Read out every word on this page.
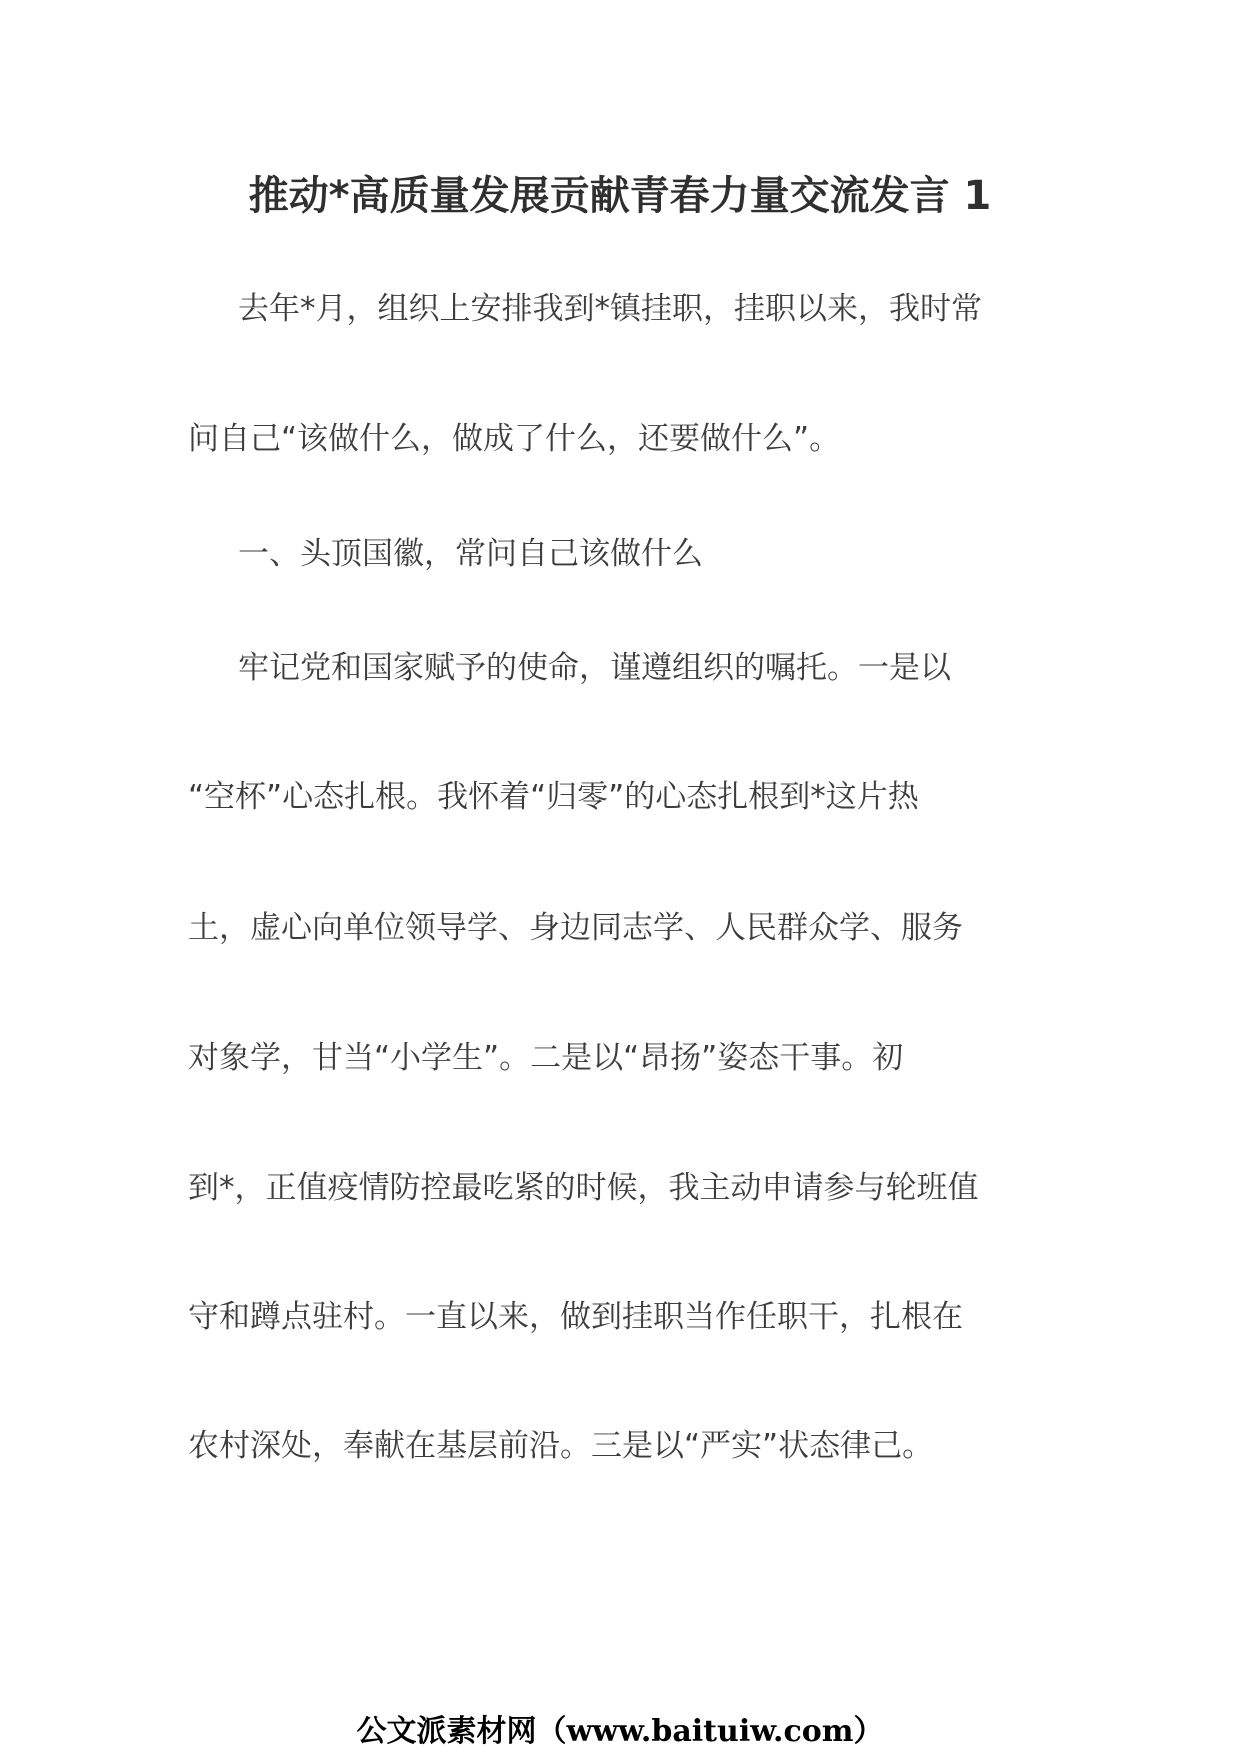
推动*高质量发展贡献青春力量交流发言 1
去年*月，组织上安排我到*镇挂职，挂职以来，我时常
问自己“该做什么，做成了什么，还要做什么”。
一、头顶国徽，常问自己该做什么
牢记党和国家赋予的使命，谨遵组织的嘱托。一是以
“空杯”心态扎根。我怀着“归零”的心态扎根到*这片热
土，虚心向单位领导学、身边同志学、人民群众学、服务
对象学，甘当“小学生”。二是以“昂扬”姿态干事。初
到*，正值疫情防控最吃紧的时候，我主动申请参与轮班值
守和蹲点驻村。一直以来，做到挂职当作任职干，扎根在
农村深处，奉献在基层前沿。三是以“严实”状态律己。
公文派素材网（www.baituiw.com）
